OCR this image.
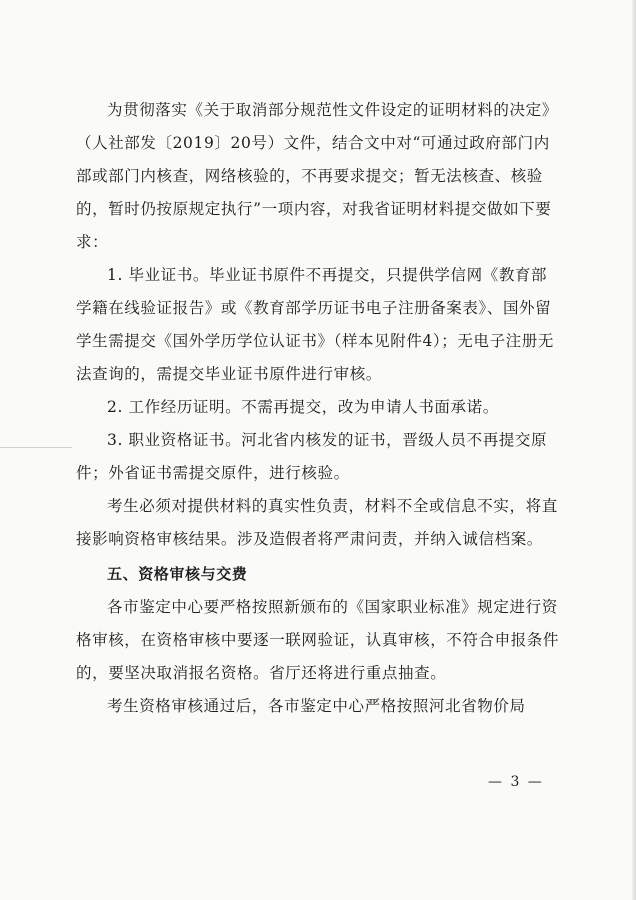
为贯彻落实《关于取消部分规范性文件设定的证明材料的决定》（人社部发〔2019〕20号）文件，结合文中对“可通过政府部门内部或部门内核查，网络核验的，不再要求提交；暂无法核查、核验的，暂时仍按原规定执行”一项内容，对我省证明材料提交做如下要求：

1. 毕业证书。毕业证书原件不再提交，只提供学信网《教育部学籍在线验证报告》或《教育部学历证书电子注册备案表》、国外留学生需提交《国外学历学位认证书》（样本见附件4）；无电子注册无法查询的，需提交毕业证书原件进行审核。

2. 工作经历证明。不需再提交，改为申请人书面承诺。

3. 职业资格证书。河北省内核发的证书，晋级人员不再提交原件；外省证书需提交原件，进行核验。

考生必须对提供材料的真实性负责，材料不全或信息不实，将直接影响资格审核结果。涉及造假者将严肃问责，并纳入诚信档案。

五、资格审核与交费

各市鉴定中心要严格按照新颁布的《国家职业标准》规定进行资格审核，在资格审核中要逐一联网验证，认真审核，不符合申报条件的，要坚决取消报名资格。省厅还将进行重点抽查。

考生资格审核通过后，各市鉴定中心严格按照河北省物价局

— 3 —
